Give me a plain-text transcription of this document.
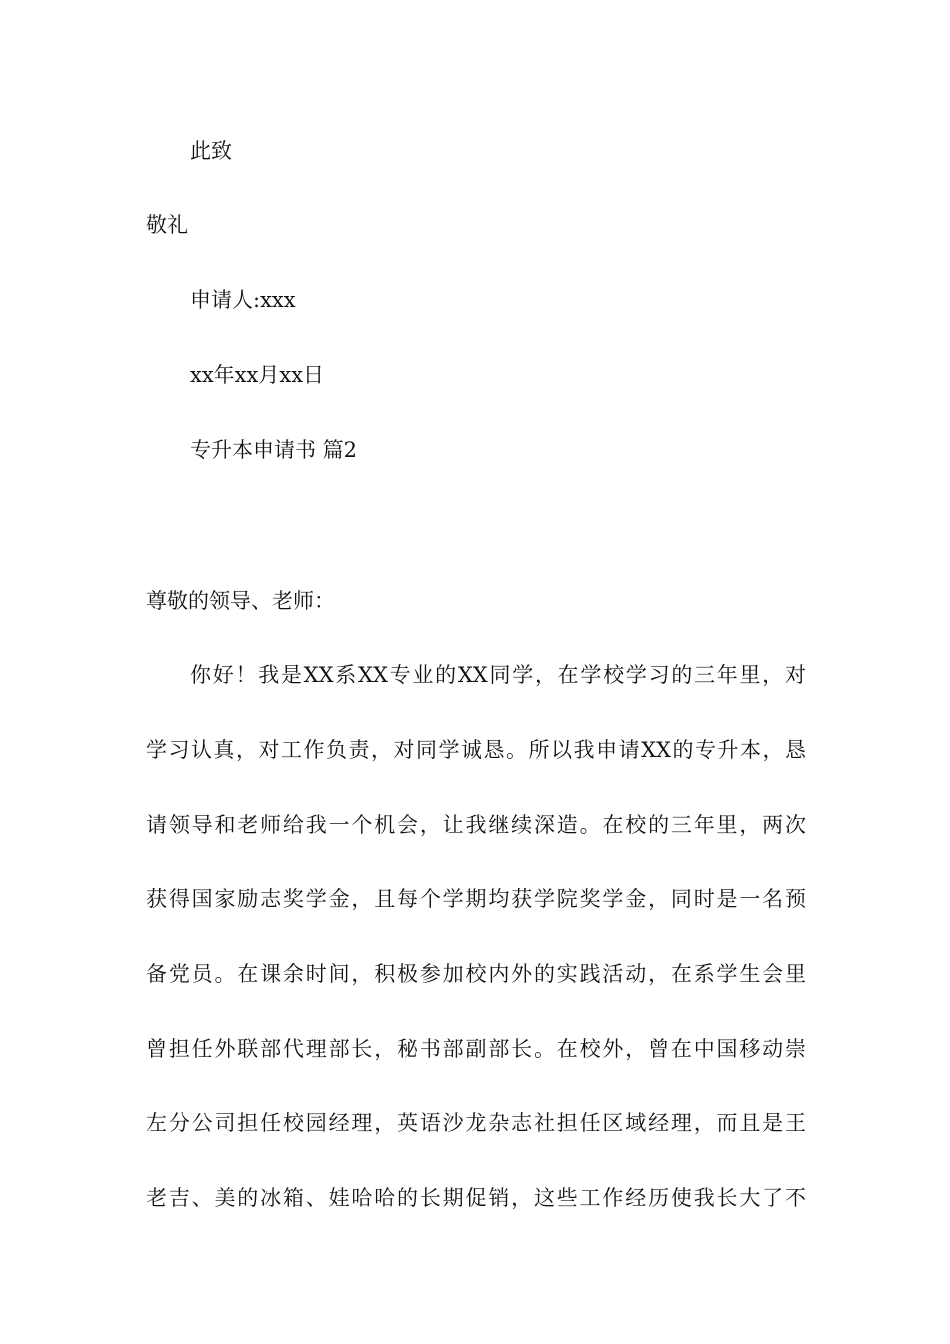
此致
敬礼
申请人:xxx
xx年xx月xx日
专升本申请书 篇2
尊敬的领导、老师：
你好！我是XX系XX专业的XX同学，在学校学习的三年里，对
学习认真，对工作负责，对同学诚恳。所以我申请XX的专升本，恳
请领导和老师给我一个机会，让我继续深造。在校的三年里，两次
获得国家励志奖学金，且每个学期均获学院奖学金，同时是一名预
备党员。在课余时间，积极参加校内外的实践活动，在系学生会里
曾担任外联部代理部长，秘书部副部长。在校外，曾在中国移动崇
左分公司担任校园经理，英语沙龙杂志社担任区域经理，而且是王
老吉、美的冰箱、娃哈哈的长期促销，这些工作经历使我长大了不
